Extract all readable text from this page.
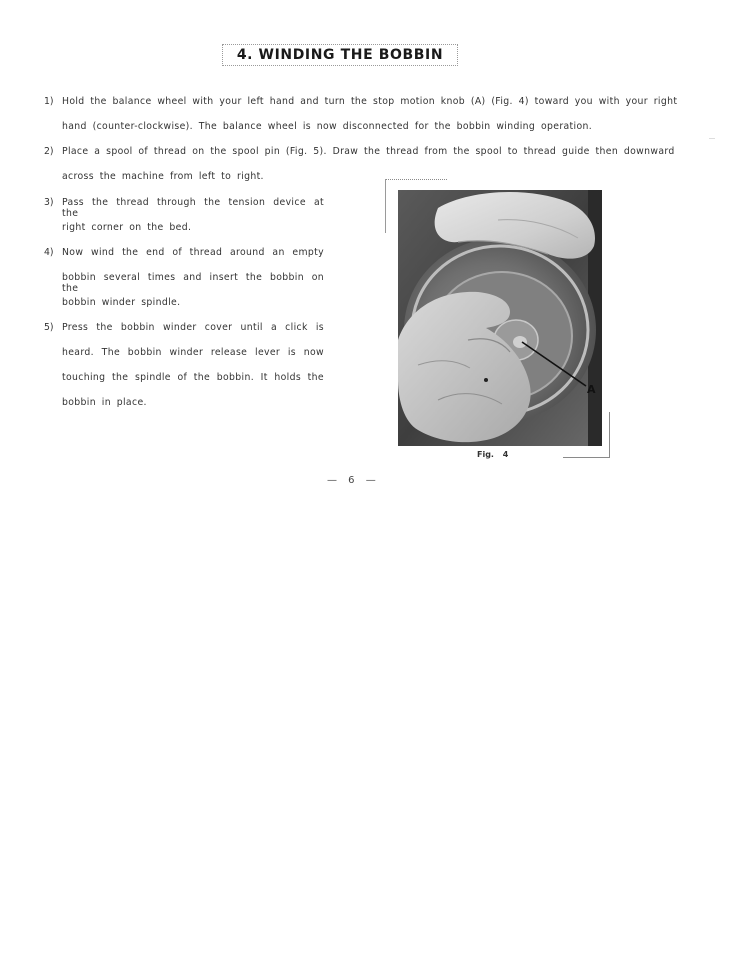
4. WINDING THE BOBBIN
1) Hold the balance wheel with your left hand and turn the stop motion knob (A) (Fig. 4) toward you with your right
hand (counter-clockwise). The balance wheel is now disconnected for the bobbin winding operation.
2) Place a spool of thread on the spool pin (Fig. 5). Draw the thread from the spool to thread guide then downward
across the machine from left to right.
3) Pass the thread through the tension device at the
right corner on the bed.
4) Now wind the end of thread around an empty
bobbin several times and insert the bobbin on the
bobbin winder spindle.
5) Press the bobbin winder cover until a click is
heard. The bobbin winder release lever is now
touching the spindle of the bobbin. It holds the
bobbin in place.
A
Fig. 4
— 6 —
